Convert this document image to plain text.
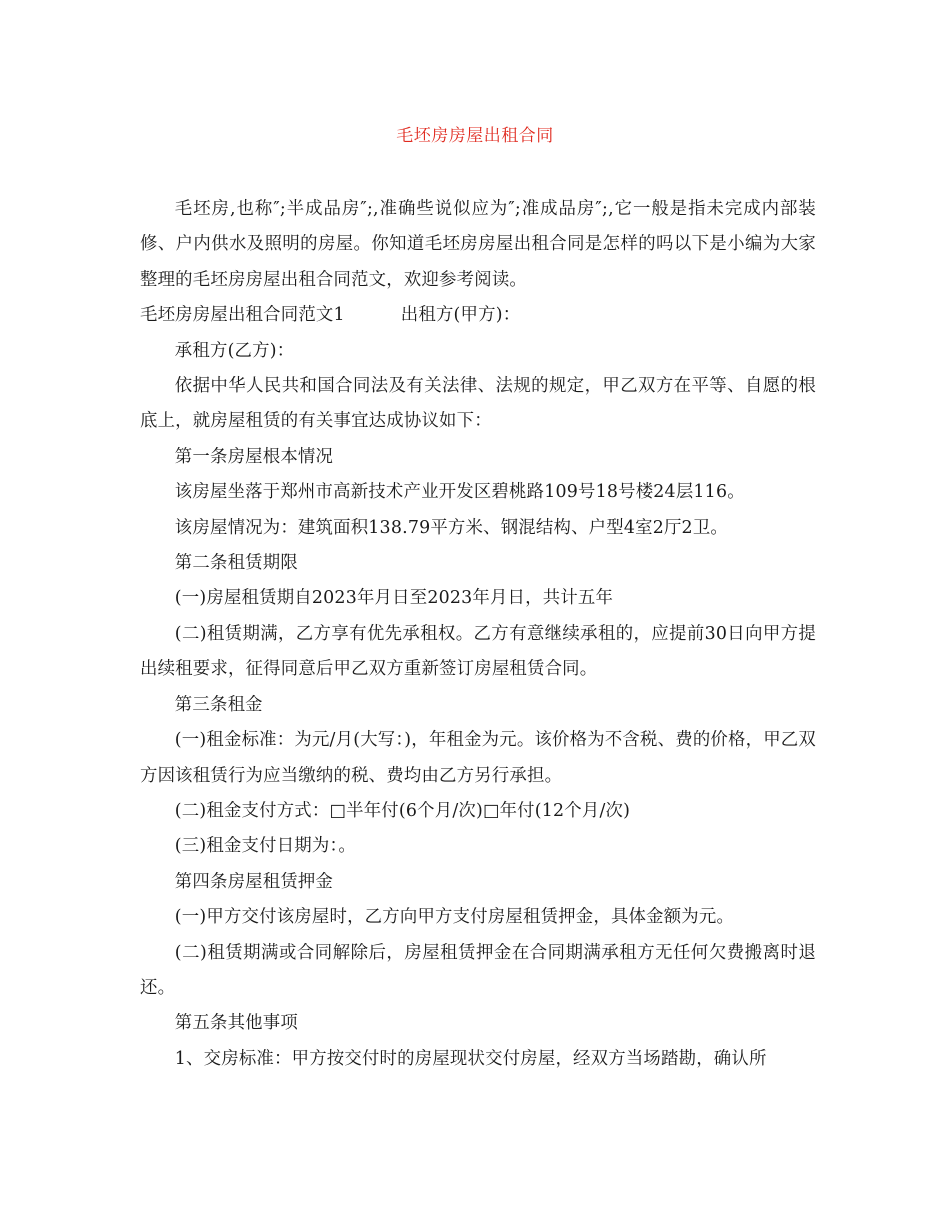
毛坯房房屋出租合同

毛坯房,也称″;半成品房″;,准确些说似应为″;准成品房″;,它一般是指未完成内部装修、户内供水及照明的房屋。你知道毛坯房房屋出租合同是怎样的吗以下是小编为大家整理的毛坯房房屋出租合同范文，欢迎参考阅读。

毛坯房房屋出租合同范文1	出租方(甲方)：

承租方(乙方)：

依据中华人民共和国合同法及有关法律、法规的规定，甲乙双方在平等、自愿的根底上，就房屋租赁的有关事宜达成协议如下：

第一条房屋根本情况

该房屋坐落于郑州市高新技术产业开发区碧桃路109号18号楼24层116。

该房屋情况为：建筑面积138.79平方米、钢混结构、户型4室2厅2卫。

第二条租赁期限

(一)房屋租赁期自2023年月日至2023年月日，共计五年

(二)租赁期满，乙方享有优先承租权。乙方有意继续承租的，应提前30日向甲方提出续租要求，征得同意后甲乙双方重新签订房屋租赁合同。

第三条租金

(一)租金标准：为元/月(大写：)，年租金为元。该价格为不含税、费的价格，甲乙双方因该租赁行为应当缴纳的税、费均由乙方另行承担。

(二)租金支付方式：□半年付(6个月/次)□年付(12个月/次)

(三)租金支付日期为：。

第四条房屋租赁押金

(一)甲方交付该房屋时，乙方向甲方支付房屋租赁押金，具体金额为元。

(二)租赁期满或合同解除后，房屋租赁押金在合同期满承租方无任何欠费搬离时退还。

第五条其他事项

1、交房标准：甲方按交付时的房屋现状交付房屋，经双方当场踏勘，确认所
